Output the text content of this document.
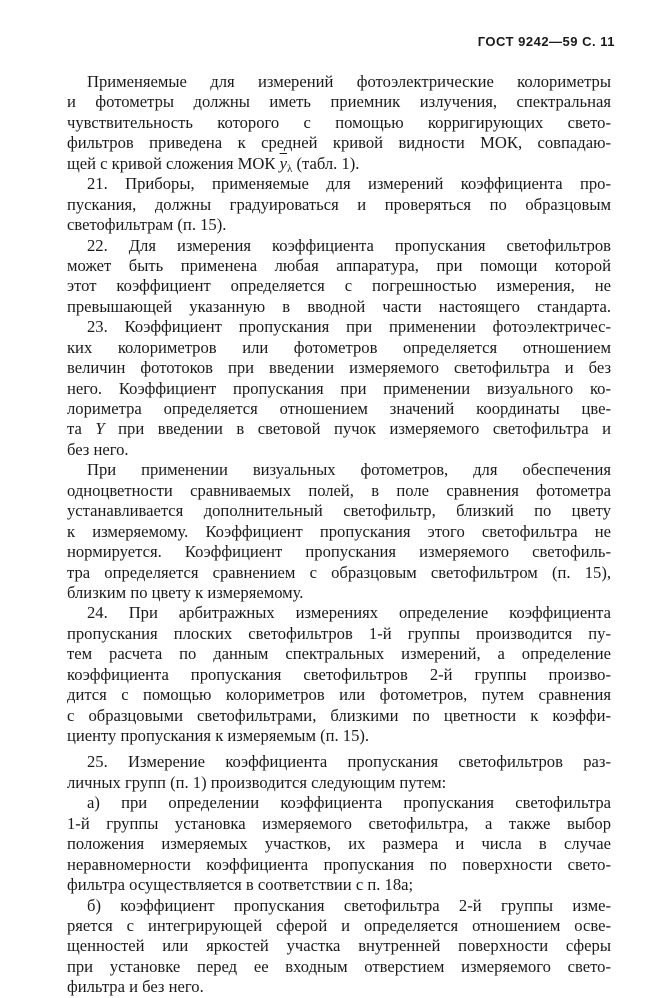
ГОСТ 9242—59 С. 11
Применяемые для измерений фотоэлектрические колориметры
и фотометры должны иметь приемник излучения, спектральная
чувствительность которого с помощью корригирующих свето-
фильтров приведена к средней кривой видности МОК, совпадаю-
щей с кривой сложения МОК $\overline{y}\lambda$ (табл. 1).
21. Приборы, применяемые для измерений коэффициента про-
пускания, должны градуироваться и проверяться по образцовым
светофильтрам (п. 15).
22. Для измерения коэффициента пропускания светофильтров
может быть применена любая аппаратура, при помощи которой
этот коэффициент определяется с погрешностью измерения, не
превышающей указанную в вводной части настоящего стандарта.
23. Коэффициент пропускания при применении фотоэлектричес-
ких колориметров или фотометров определяется отношением
величин фототоков при введении измеряемого светофильтра и без
него. Коэффициент пропускания при применении визуального ко-
лориметра определяется отношением значений координаты цве-
та Y при введении в световой пучок измеряемого светофильтра и
без него.
При применении визуальных фотометров, для обеспечения
одноцветности сравниваемых полей, в поле сравнения фотометра
устанавливается дополнительный светофильтр, близкий по цвету
к измеряемому. Коэффициент пропускания этого светофильтра не
нормируется. Коэффициент пропускания измеряемого светофиль-
тра определяется сравнением с образцовым светофильтром (п. 15),
близким по цвету к измеряемому.
24. При арбитражных измерениях определение коэффициента
пропускания плоских светофильтров 1-й группы производится пу-
тем расчета по данным спектральных измерений, а определение
коэффициента пропускания светофильтров 2-й группы произво-
дится с помощью колориметров или фотометров, путем сравнения
с образцовыми светофильтрами, близкими по цветности к коэффи-
циенту пропускания к измеряемым (п. 15).
25. Измерение коэффициента пропускания светофильтров раз-
личных групп (п. 1) производится следующим путем:
а) при определении коэффициента пропускания светофильтра
1-й группы установка измеряемого светофильтра, а также выбор
положения измеряемых участков, их размера и числа в случае
неравномерности коэффициента пропускания по поверхности свето-
фильтра осуществляется в соответствии с п. 18а;
б) коэффициент пропускания светофильтра 2-й группы изме-
ряется с интегрирующей сферой и определяется отношением осве-
щенностей или яркостей участка внутренней поверхности сферы
при установке перед ее входным отверстием измеряемого свето-
фильтра и без него.
